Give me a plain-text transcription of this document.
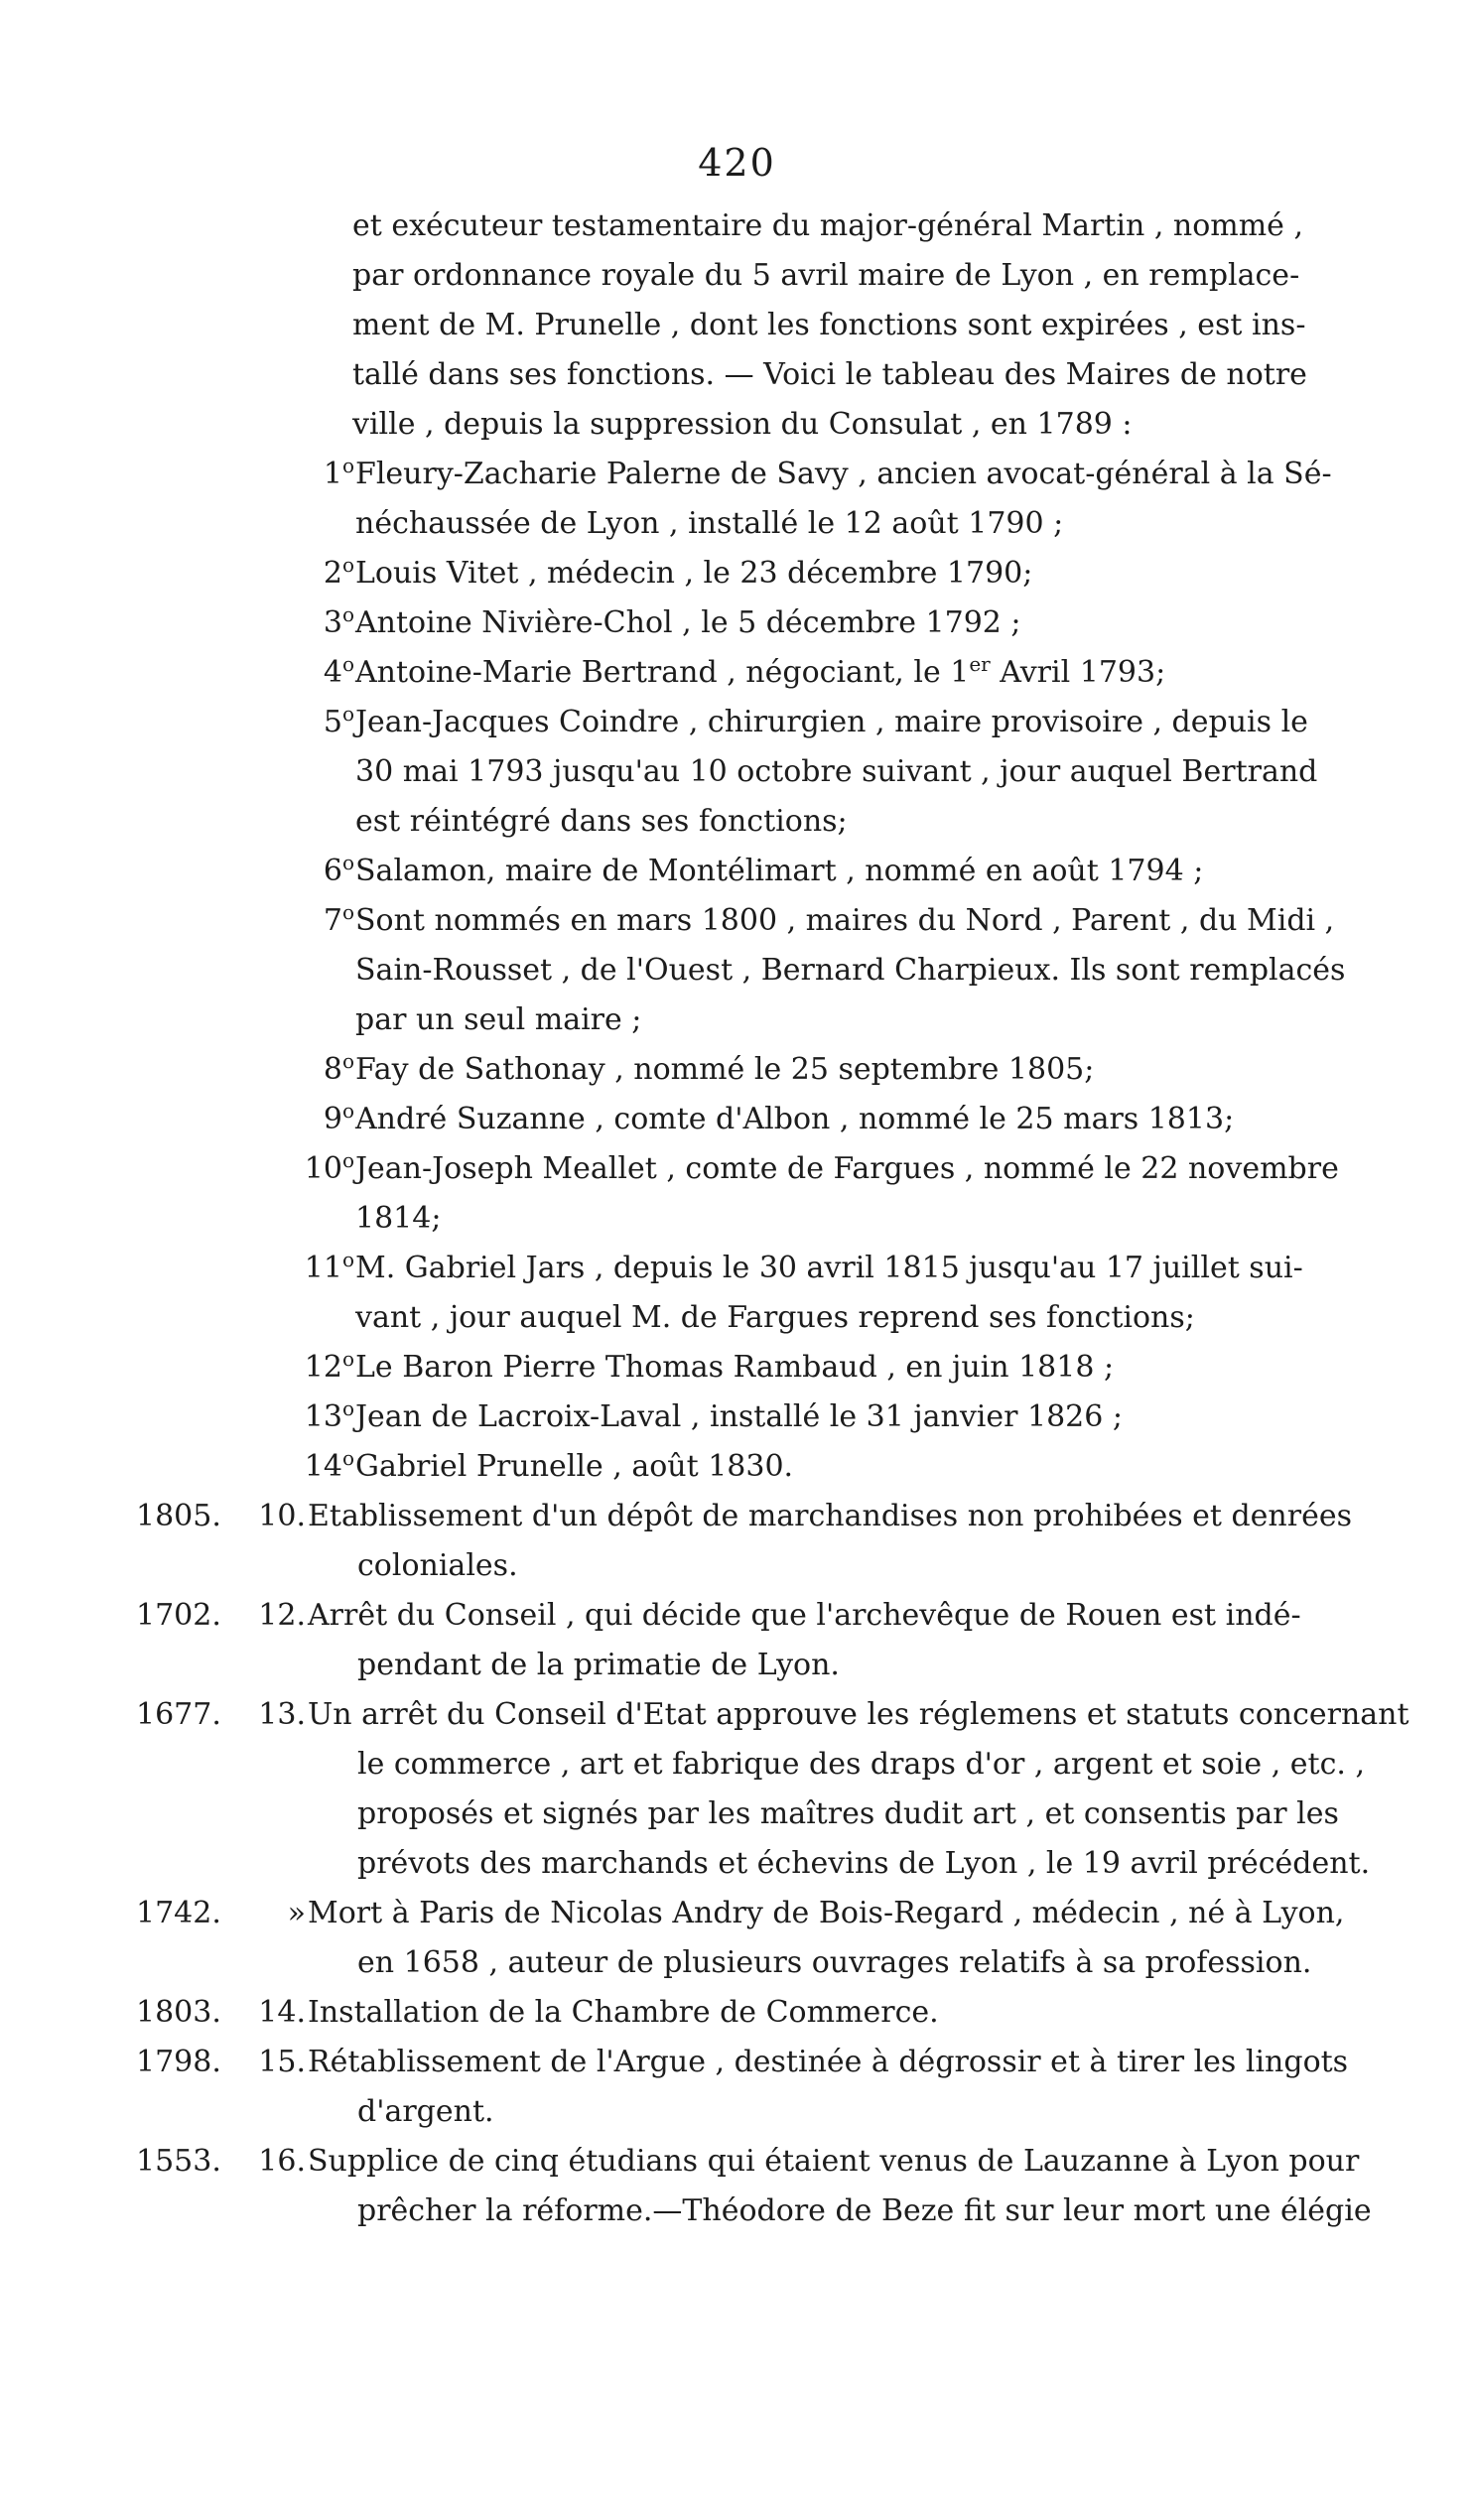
420
et exécuteur testamentaire du major-général Martin , nommé ,
par ordonnance royale du 5 avril maire de Lyon , en remplace-
ment de M. Prunelle , dont les fonctions sont expirées , est ins-
tallé dans ses fonctions. — Voici le tableau des Maires de notre
ville , depuis la suppression du Consulat , en 1789 :
1$^o$ Fleury-Zacharie Palerne de Savy , ancien avocat-général à la Sé-
néchaussée de Lyon , installé le 12 août 1790 ;
2$^o$ Louis Vitet , médecin , le 23 décembre 1790;
3$^o$ Antoine Nivière-Chol , le 5 décembre 1792 ;
4$^o$ Antoine-Marie Bertrand , négociant, le 1er Avril 1793;
5$^o$ Jean-Jacques Coindre , chirurgien , maire provisoire , depuis le
30 mai 1793 jusqu'au 10 octobre suivant , jour auquel Bertrand
est réintégré dans ses fonctions;
6$^o$ Salamon, maire de Montélimart , nommé en août 1794 ;
7$^o$ Sont nommés en mars 1800 , maires du Nord , Parent , du Midi ,
Sain-Rousset , de l'Ouest , Bernard Charpieux. Ils sont remplacés
par un seul maire ;
8$^o$ Fay de Sathonay , nommé le 25 septembre 1805;
9$^o$ André Suzanne , comte d'Albon , nommé le 25 mars 1813;
10$^o$ Jean-Joseph Meallet , comte de Fargues , nommé le 22 novembre
1814;
11$^o$ M. Gabriel Jars , depuis le 30 avril 1815 jusqu'au 17 juillet sui-
vant , jour auquel M. de Fargues reprend ses fonctions;
12$^o$ Le Baron Pierre Thomas Rambaud , en juin 1818 ;
13$^o$ Jean de Lacroix-Laval , installé le 31 janvier 1826 ;
14$^o$ Gabriel Prunelle , août 1830.
1805.	10. Etablissement d'un dépôt de marchandises non prohibées et denrées
coloniales.
1702.	12. Arrêt du Conseil , qui décide que l'archevêque de Rouen est indé-
pendant de la primatie de Lyon.
1677.	13. Un arrêt du Conseil d'Etat approuve les réglemens et statuts concernant
le commerce , art et fabrique des draps d'or , argent et soie , etc. ,
proposés et signés par les maîtres dudit art , et consentis par les
prévots des marchands et échevins de Lyon , le 19 avril précédent.
1742.	» Mort à Paris de Nicolas Andry de Bois-Regard , médecin , né à Lyon,
en 1658 , auteur de plusieurs ouvrages relatifs à sa profession.
1803.	14. Installation de la Chambre de Commerce.
1798.	15. Rétablissement de l'Argue , destinée à dégrossir et à tirer les lingots
d'argent.
1553.	16. Supplice de cinq étudians qui étaient venus de Lauzanne à Lyon pour
prêcher la réforme.—Théodore de Beze fit sur leur mort une élégie
